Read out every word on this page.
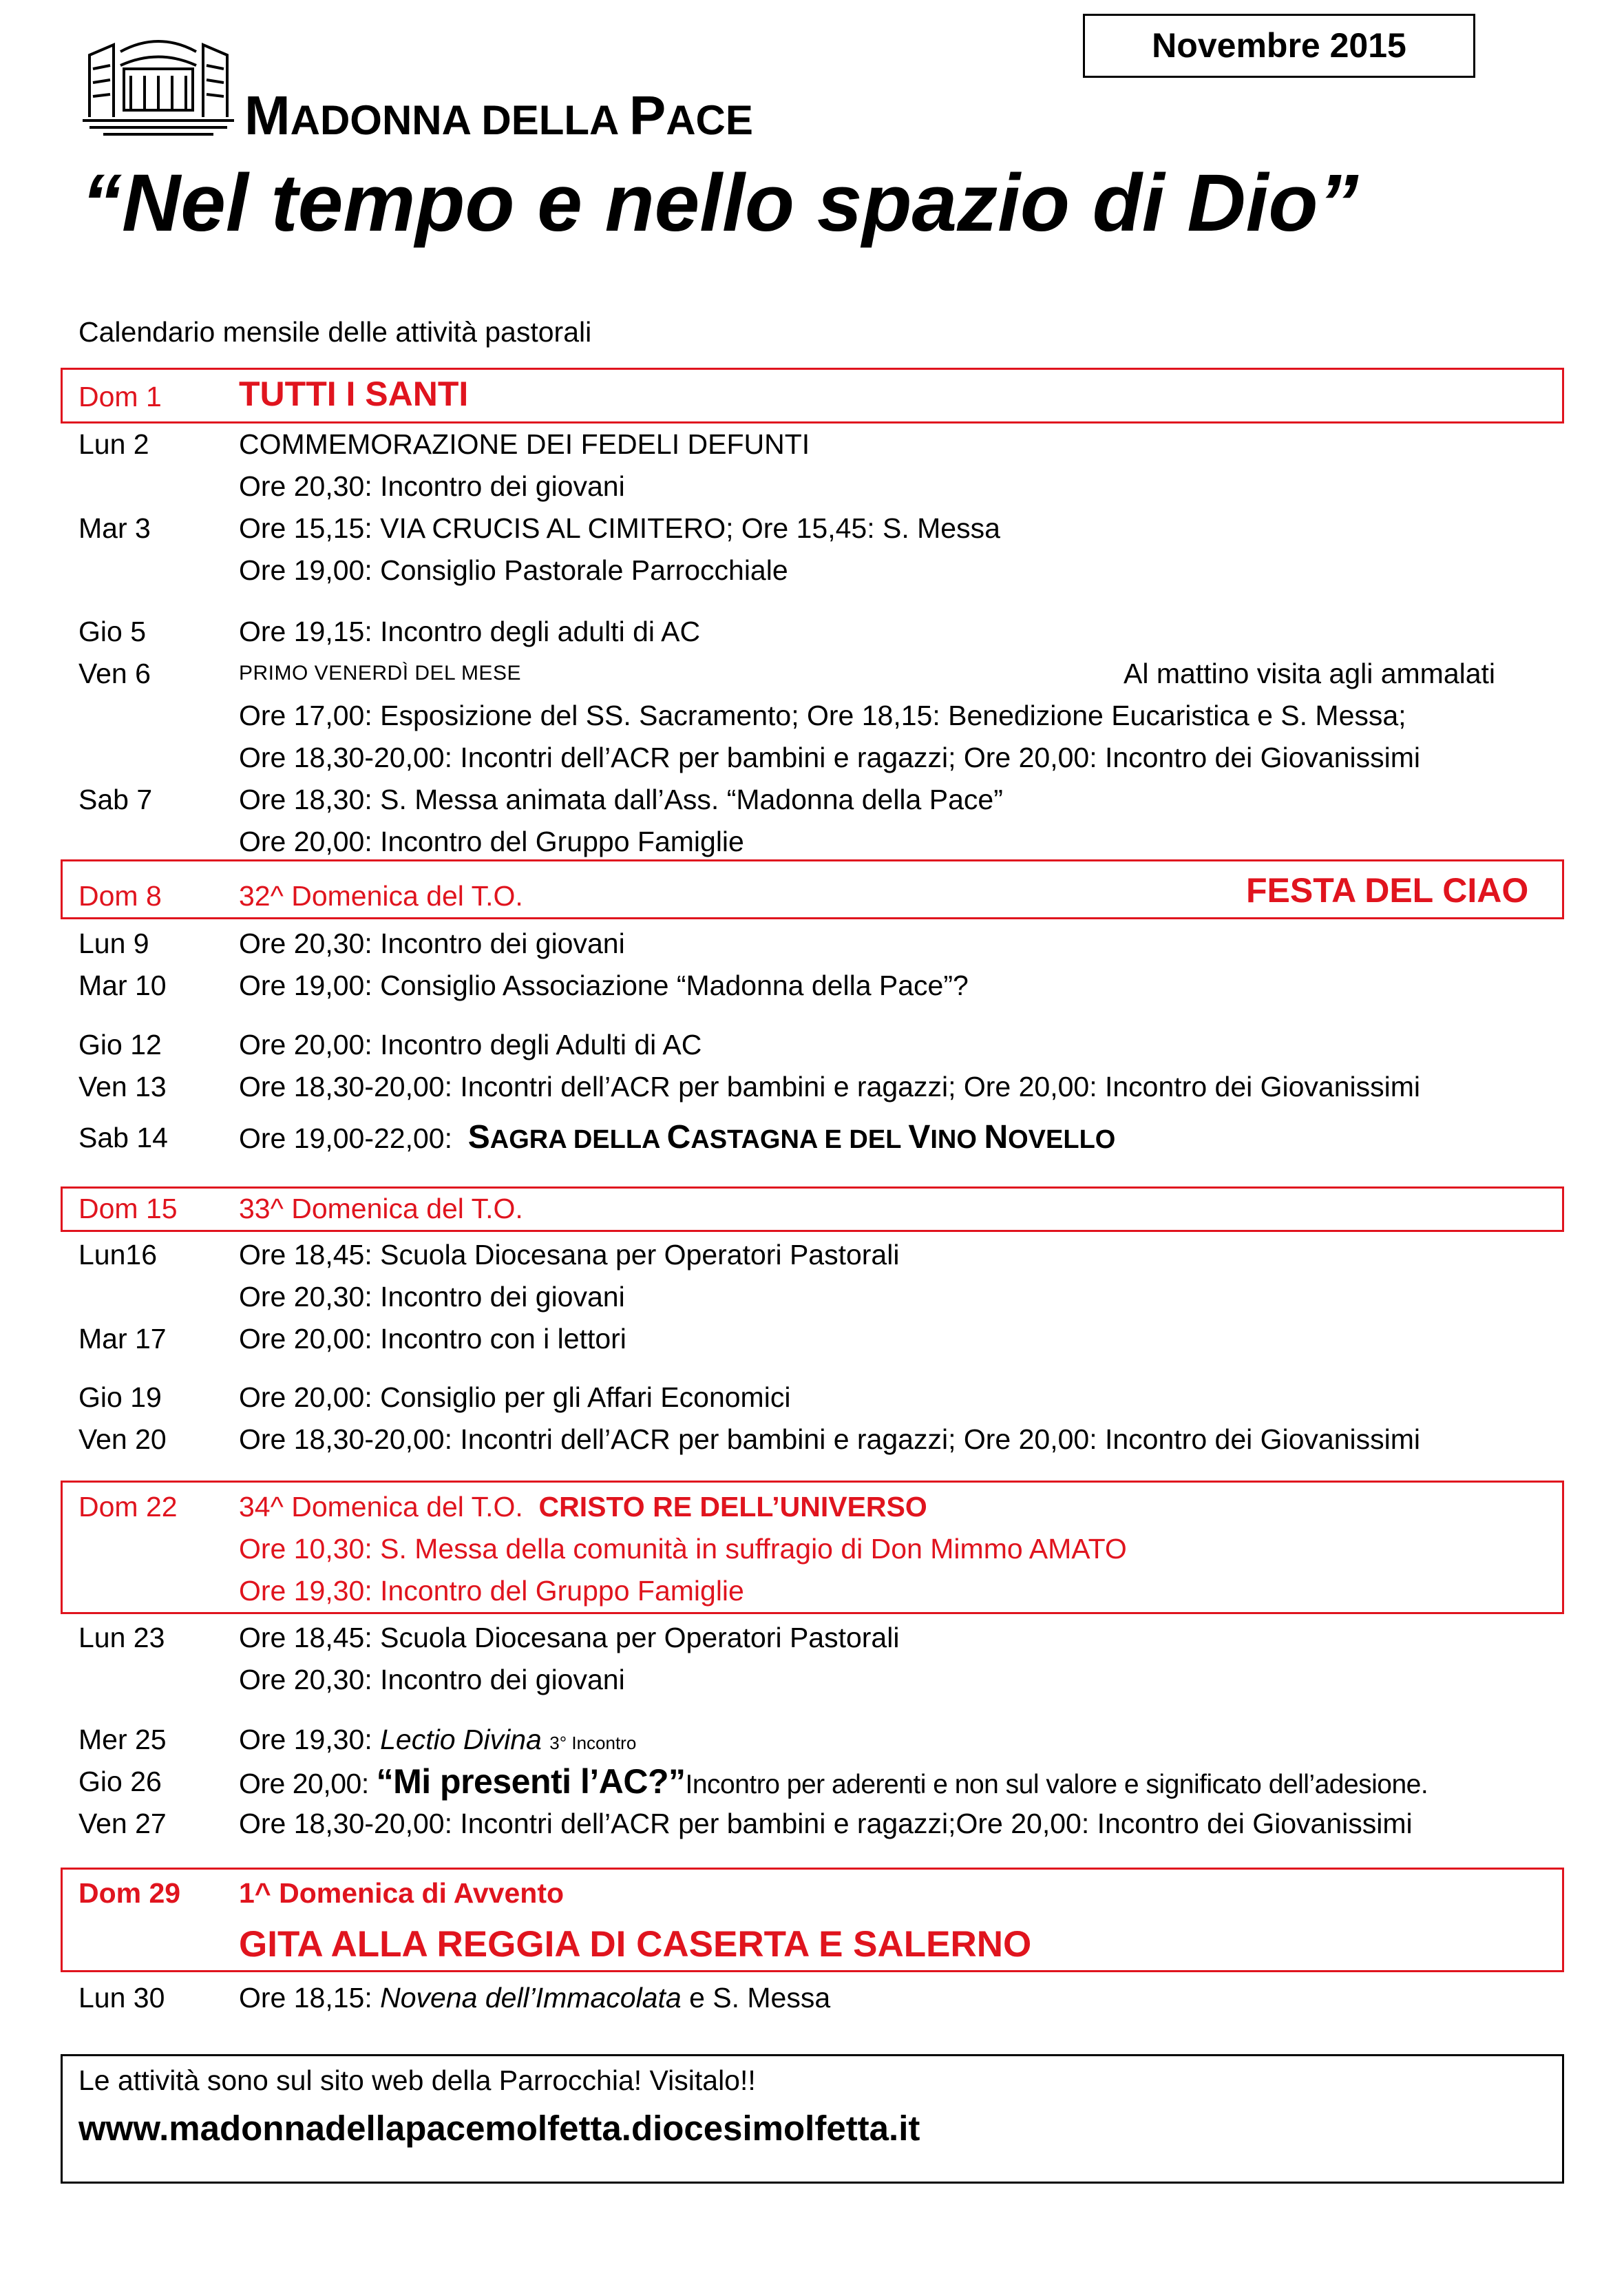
Novembre 2015
MADONNA DELLA PACE
“Nel tempo e nello spazio di Dio”
Calendario mensile delle attività pastorali
Dom 1 TUTTI I SANTI
Lun 2	COMMEMORAZIONE DEI FEDELI DEFUNTI
Ore 20,30: Incontro dei giovani
Mar 3	Ore 15,15: VIA CRUCIS AL CIMITERO; Ore 15,45: S. Messa
Ore 19,00: Consiglio Pastorale Parrocchiale
Gio 5	Ore 19,15: Incontro degli adulti di AC
Ven 6	PRIMO VENERDÌ DEL MESE	Al mattino visita agli ammalati
Ore 17,00: Esposizione del SS. Sacramento; Ore 18,15: Benedizione Eucaristica e S. Messa;
Ore 18,30-20,00: Incontri dell’ACR per bambini e ragazzi; Ore 20,00: Incontro dei Giovanissimi
Sab 7	Ore 18,30: S. Messa animata dall’Ass. “Madonna della Pace”
Ore 20,00: Incontro del Gruppo Famiglie
Dom 8	32^ Domenica del T.O.	FESTA DEL CIAO
Lun 9	Ore 20,30: Incontro dei giovani
Mar 10	Ore 19,00: Consiglio Associazione “Madonna della Pace”?
Gio 12	Ore 20,00: Incontro degli Adulti di AC
Ven 13	Ore 18,30-20,00: Incontri dell’ACR per bambini e ragazzi; Ore 20,00: Incontro dei Giovanissimi
Sab 14	Ore 19,00-22,00: SAGRA DELLA CASTAGNA E DEL VINO NOVELLO
Dom 15 33^ Domenica del T.O.
Lun16	Ore 18,45: Scuola Diocesana per Operatori Pastorali
Ore 20,30: Incontro dei giovani
Mar 17	Ore 20,00: Incontro con i lettori
Gio 19	Ore 20,00: Consiglio per gli Affari Economici
Ven 20	Ore 18,30-20,00: Incontri dell’ACR per bambini e ragazzi; Ore 20,00: Incontro dei Giovanissimi
Dom 22 34^ Domenica del T.O. CRISTO RE DELL’UNIVERSO
Ore 10,30: S. Messa della comunità in suffragio di Don Mimmo AMATO
Ore 19,30: Incontro del Gruppo Famiglie
Lun 23	Ore 18,45: Scuola Diocesana per Operatori Pastorali
Ore 20,30: Incontro dei giovani
Mer 25	Ore 19,30: Lectio Divina 3° Incontro
Gio 26	Ore 20,00: “Mi presenti l’AC?”Incontro per aderenti e non sul valore e significato dell’adesione.
Ven 27	Ore 18,30-20,00: Incontri dell’ACR per bambini e ragazzi;Ore 20,00: Incontro dei Giovanissimi
Dom 29 1^ Domenica di Avvento
GITA ALLA REGGIA DI CASERTA E SALERNO
Lun 30	Ore 18,15: Novena dell’Immacolata e S. Messa
Le attività sono sul sito web della Parrocchia! Visitalo!!
www.madonnadellapacemolfetta.diocesimolfetta.it
